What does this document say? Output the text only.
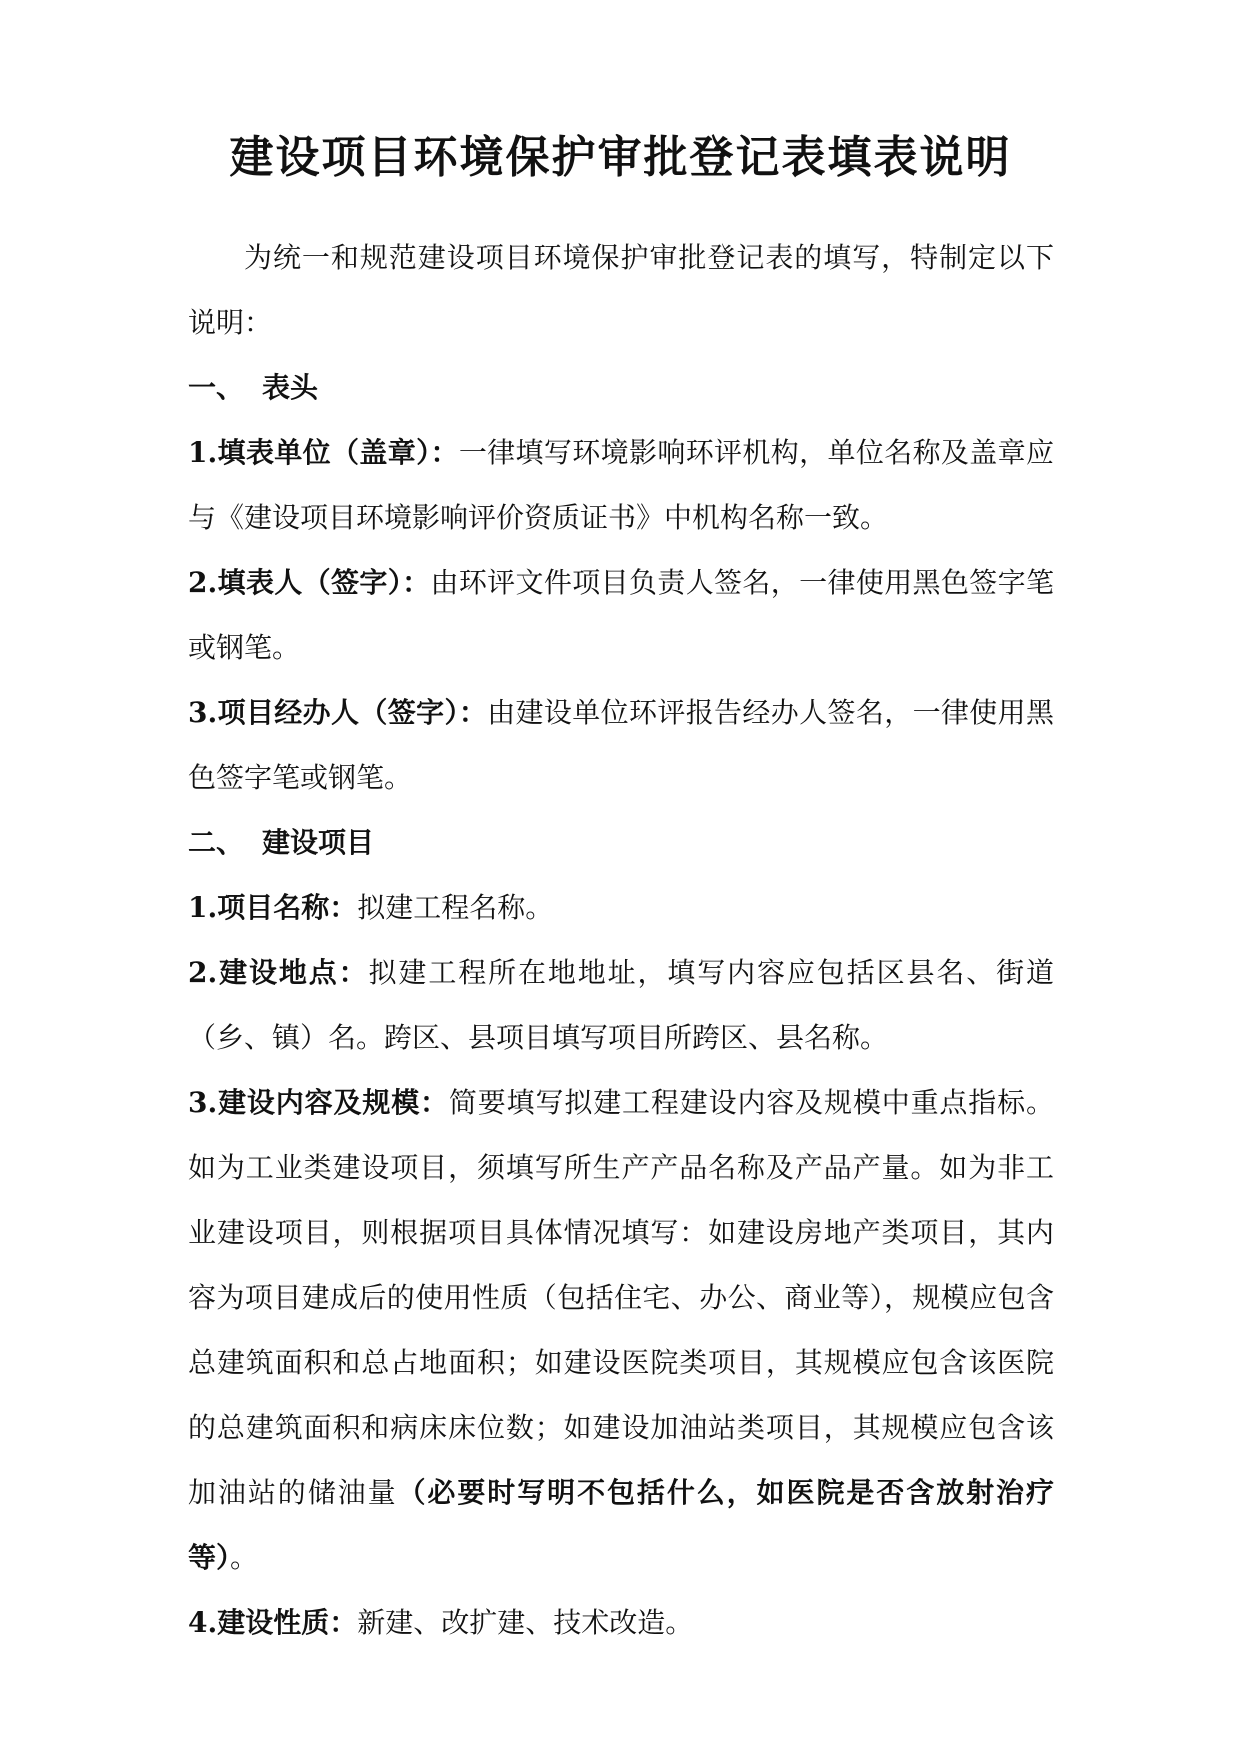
建设项目环境保护审批登记表填表说明

为统一和规范建设项目环境保护审批登记表的填写，特制定以下说明：

一、 表头

1.填表单位（盖章）：一律填写环境影响环评机构，单位名称及盖章应与《建设项目环境影响评价资质证书》中机构名称一致。

2.填表人（签字）：由环评文件项目负责人签名，一律使用黑色签字笔或钢笔。

3.项目经办人（签字）：由建设单位环评报告经办人签名，一律使用黑色签字笔或钢笔。

二、 建设项目

1.项目名称：拟建工程名称。

2.建设地点：拟建工程所在地地址，填写内容应包括区县名、街道（乡、镇）名。跨区、县项目填写项目所跨区、县名称。

3.建设内容及规模：简要填写拟建工程建设内容及规模中重点指标。如为工业类建设项目，须填写所生产产品名称及产品产量。如为非工业建设项目，则根据项目具体情况填写：如建设房地产类项目，其内容为项目建成后的使用性质（包括住宅、办公、商业等），规模应包含总建筑面积和总占地面积；如建设医院类项目，其规模应包含该医院的总建筑面积和病床床位数；如建设加油站类项目，其规模应包含该加油站的储油量（必要时写明不包括什么，如医院是否含放射治疗等）。

4.建设性质：新建、改扩建、技术改造。
